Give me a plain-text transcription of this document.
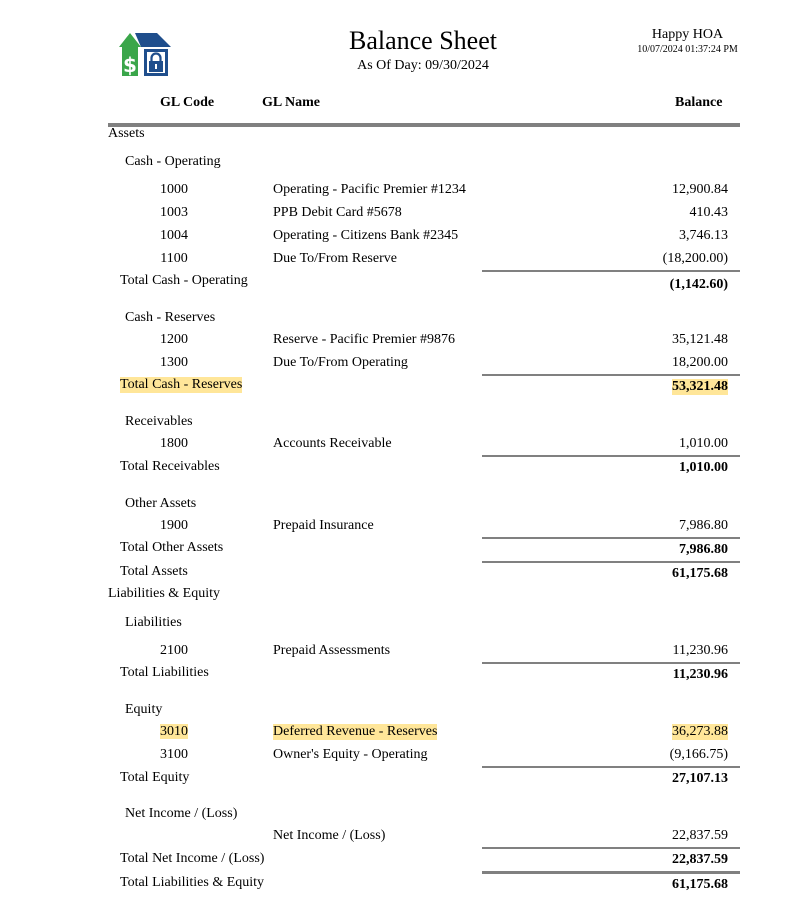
$
Balance Sheet
As Of Day: 09/30/2024
Happy HOA
10/07/2024 01:37:24 PM
GL Code	GL Name	Balance
Assets
Cash - Operating
1000	Operating - Pacific Premier #1234	12,900.84
1003	PPB Debit Card #5678	410.43
1004	Operating - Citizens Bank #2345	3,746.13
1100	Due To/From Reserve	(18,200.00)
Total Cash - Operating	(1,142.60)
Cash - Reserves
1200	Reserve - Pacific Premier #9876	35,121.48
1300	Due To/From Operating	18,200.00
Total Cash - Reserves	53,321.48
Receivables
1800	Accounts Receivable	1,010.00
Total Receivables	1,010.00
Other Assets
1900	Prepaid Insurance	7,986.80
Total Other Assets	7,986.80
Total Assets	61,175.68
Liabilities & Equity
Liabilities
2100	Prepaid Assessments	11,230.96
Total Liabilities	11,230.96
Equity
3010	Deferred Revenue - Reserves	36,273.88
3100	Owner's Equity - Operating	(9,166.75)
Total Equity	27,107.13
Net Income / (Loss)
Net Income / (Loss)	22,837.59
Total Net Income / (Loss)	22,837.59
Total Liabilities & Equity	61,175.68
